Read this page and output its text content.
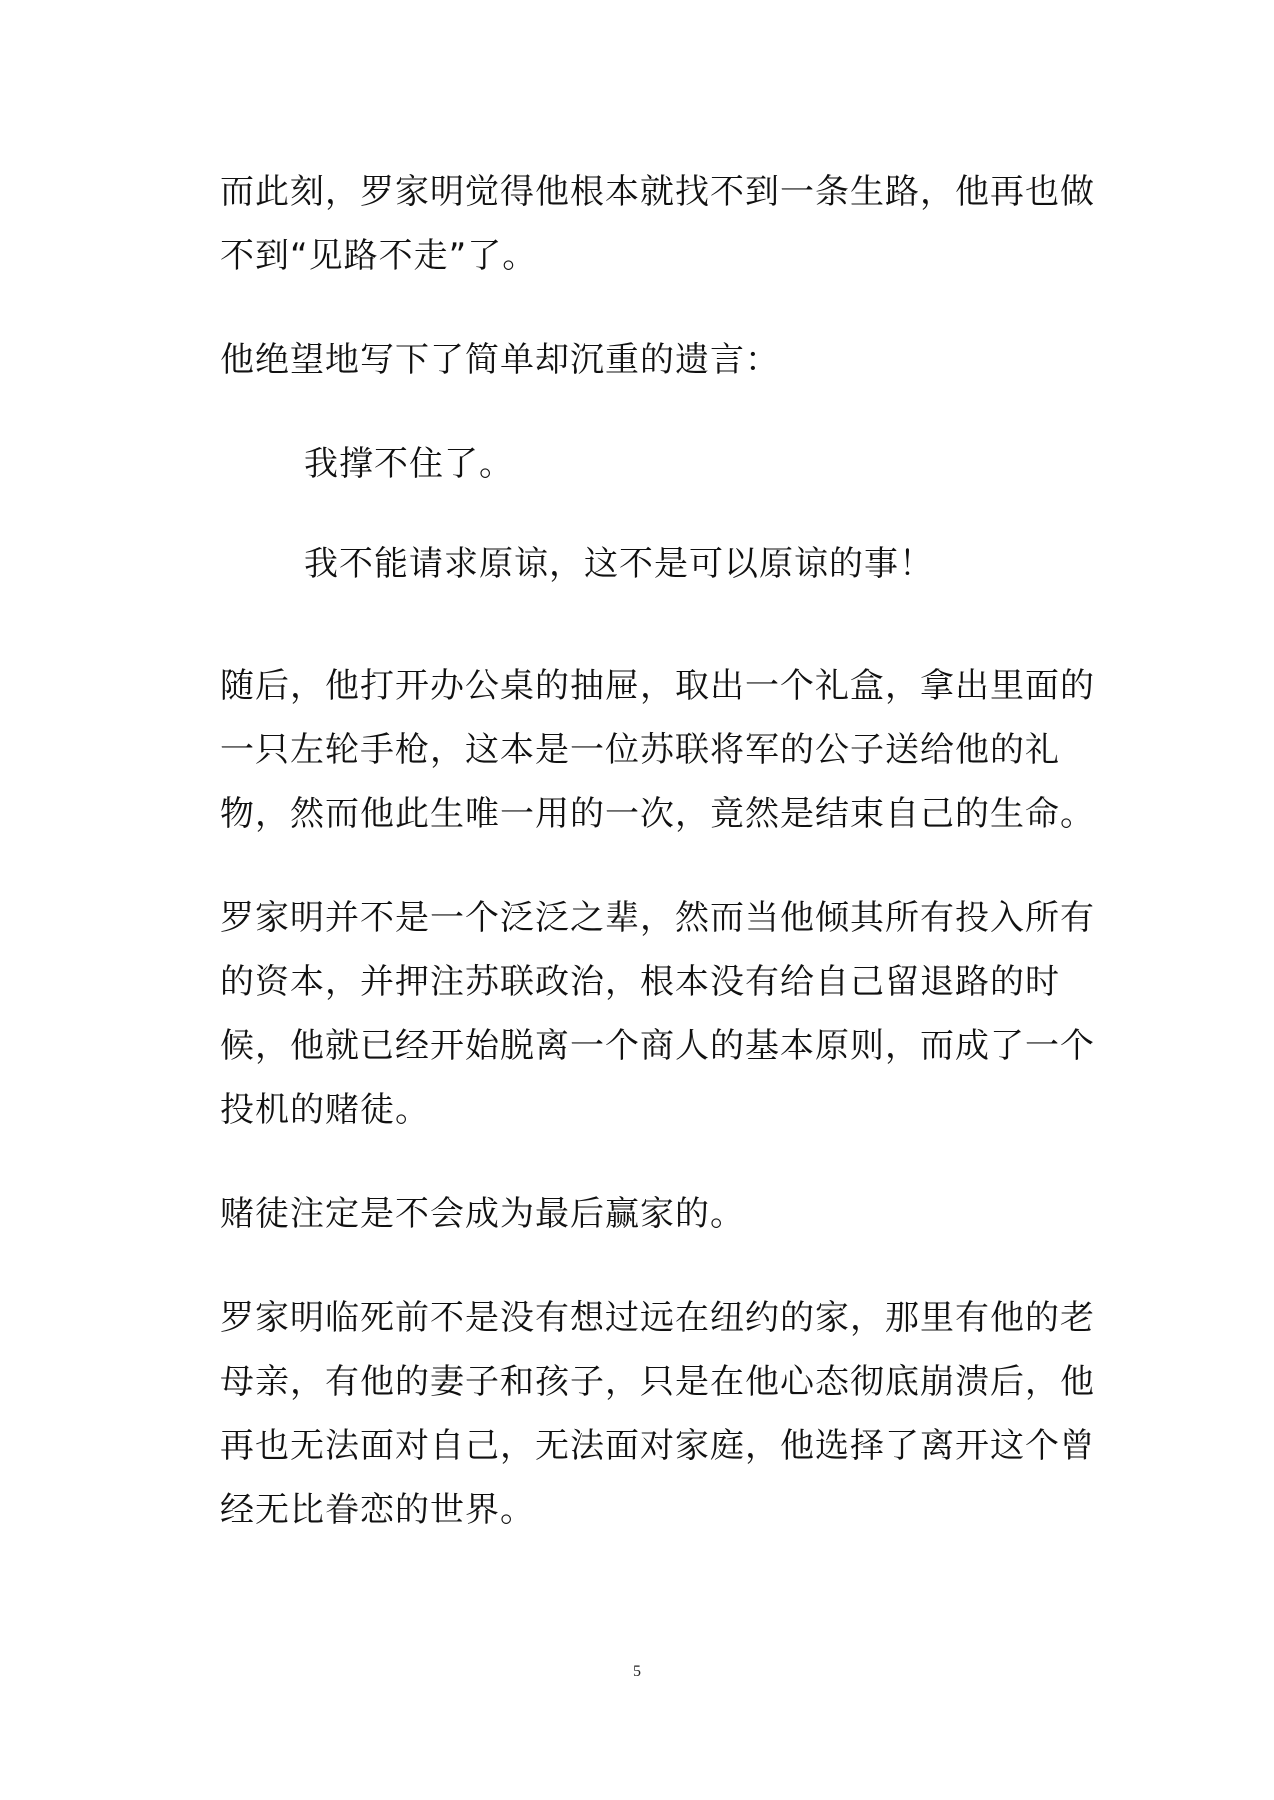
而此刻，罗家明觉得他根本就找不到一条生路，他再也做不到“见路不走”了。

他绝望地写下了简单却沉重的遗言：

我撑不住了。

我不能请求原谅，这不是可以原谅的事！

随后，他打开办公桌的抽屉，取出一个礼盒，拿出里面的一只左轮手枪，这本是一位苏联将军的公子送给他的礼物，然而他此生唯一用的一次，竟然是结束自己的生命。

罗家明并不是一个泛泛之辈，然而当他倾其所有投入所有的资本，并押注苏联政治，根本没有给自己留退路的时候，他就已经开始脱离一个商人的基本原则，而成了一个投机的赌徒。

赌徒注定是不会成为最后赢家的。

罗家明临死前不是没有想过远在纽约的家，那里有他的老母亲，有他的妻子和孩子，只是在他心态彻底崩溃后，他再也无法面对自己，无法面对家庭，他选择了离开这个曾经无比眷恋的世界。

5
